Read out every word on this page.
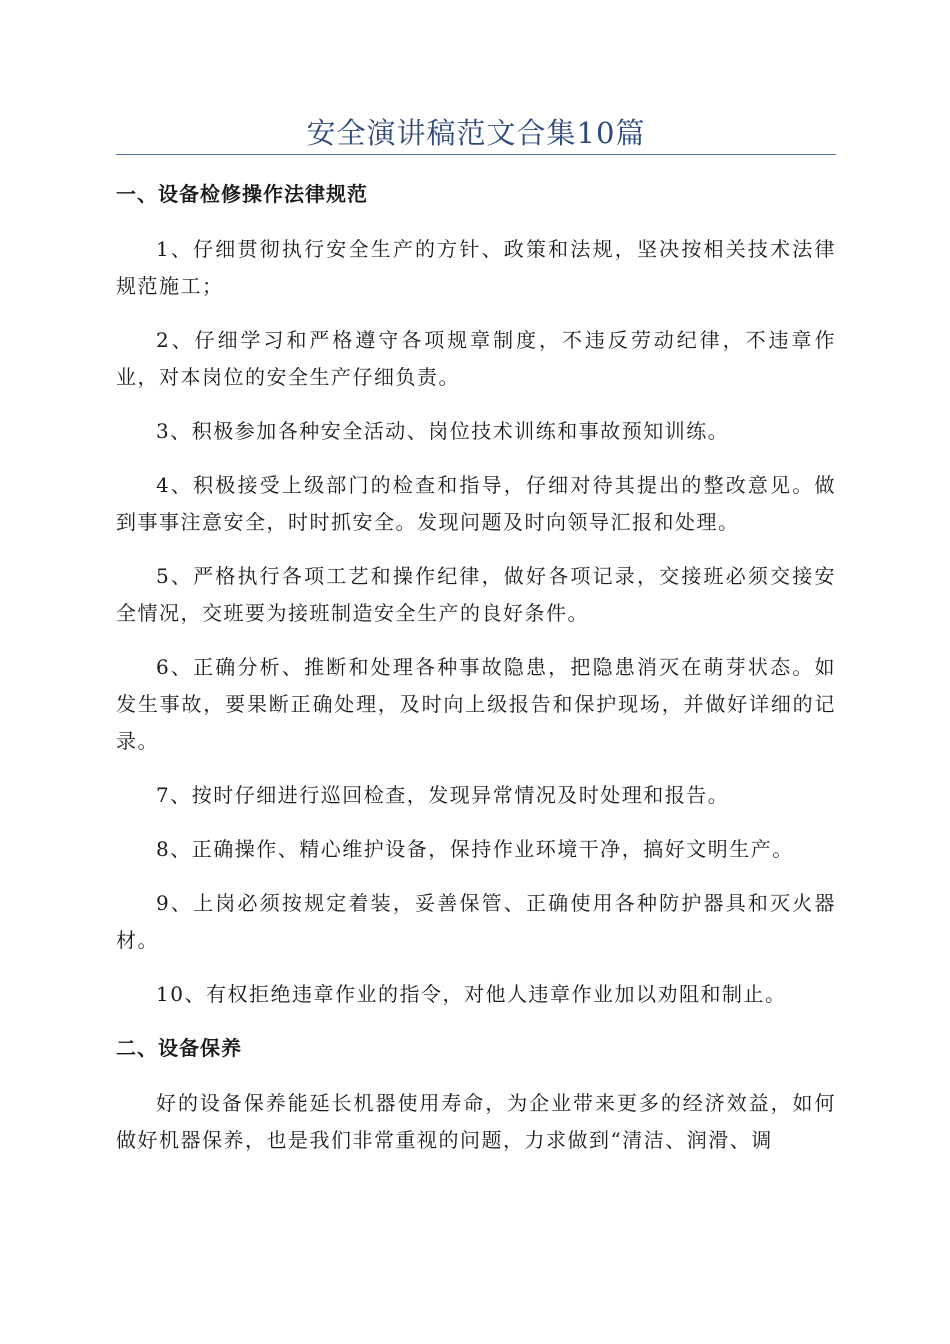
安全演讲稿范文合集10篇
一、设备检修操作法律规范

1、仔细贯彻执行安全生产的方针、政策和法规，坚决按相关技术法律规范施工；

2、仔细学习和严格遵守各项规章制度，不违反劳动纪律，不违章作业，对本岗位的安全生产仔细负责。

3、积极参加各种安全活动、岗位技术训练和事故预知训练。

4、积极接受上级部门的检查和指导，仔细对待其提出的整改意见。做到事事注意安全，时时抓安全。发现问题及时向领导汇报和处理。

5、严格执行各项工艺和操作纪律，做好各项记录，交接班必须交接安全情况，交班要为接班制造安全生产的良好条件。

6、正确分析、推断和处理各种事故隐患，把隐患消灭在萌芽状态。如发生事故，要果断正确处理，及时向上级报告和保护现场，并做好详细的记录。

7、按时仔细进行巡回检查，发现异常情况及时处理和报告。

8、正确操作、精心维护设备，保持作业环境干净，搞好文明生产。

9、上岗必须按规定着装，妥善保管、正确使用各种防护器具和灭火器材。

10、有权拒绝违章作业的指令，对他人违章作业加以劝阻和制止。

二、设备保养

好的设备保养能延长机器使用寿命，为企业带来更多的经济效益，如何做好机器保养，也是我们非常重视的问题，力求做到“清洁、润滑、调
